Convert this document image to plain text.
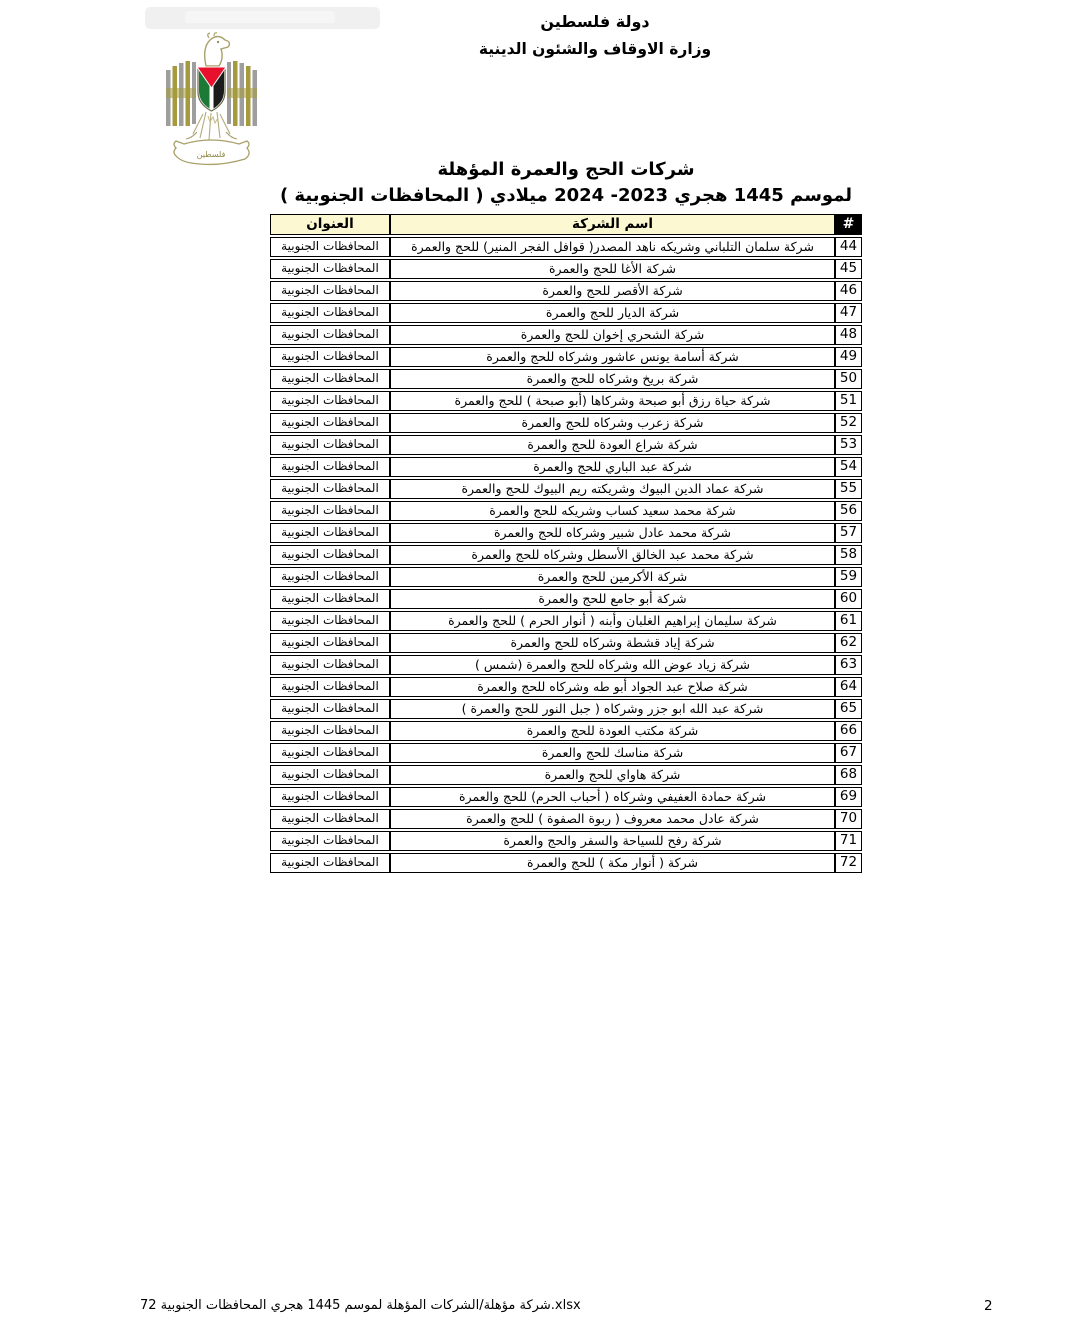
دولة فلسطين
وزارة الاوقاف والشئون الدينية
فلسطين
شركات الحج والعمرة المؤهلة
لموسم 1445 هجري 2023- 2024 ميلادي ( المحافظات الجنوبية )
#	اسم الشركة	العنوان
44	شركة سلمان التلباني وشريكه ناهد المصدر( قوافل الفجر المنير) للحج والعمرة	المحافظات الجنوبية
45	شركة الأغا للحج والعمرة	المحافظات الجنوبية
46	شركة الأقصر للحج والعمرة	المحافظات الجنوبية
47	شركة الديار للحج والعمرة	المحافظات الجنوبية
48	شركة الشحري إخوان للحج والعمرة	المحافظات الجنوبية
49	شركة أسامة يونس عاشور وشركاه للحج والعمرة	المحافظات الجنوبية
50	شركة بريخ وشركاه للحج والعمرة	المحافظات الجنوبية
51	شركة حياة رزق أبو صبحة وشركاها (أبو صبحة ) للحج والعمرة	المحافظات الجنوبية
52	شركة زعرب وشركاه للحج والعمرة	المحافظات الجنوبية
53	شركة شراع العودة للحج والعمرة	المحافظات الجنوبية
54	شركة عبد الباري للحج والعمرة	المحافظات الجنوبية
55	شركة عماد الدين البيوك وشريكته ريم البيوك للحج والعمرة	المحافظات الجنوبية
56	شركة محمد سعيد كساب وشريكه للحج والعمرة	المحافظات الجنوبية
57	شركة محمد عادل شبير وشركاه للحج والعمرة	المحافظات الجنوبية
58	شركة محمد عبد الخالق الأسطل وشركاه للحج والعمرة	المحافظات الجنوبية
59	شركة الأكرمين للحج والعمرة	المحافظات الجنوبية
60	شركة أبو جامع للحج والعمرة	المحافظات الجنوبية
61	شركة سليمان إبراهيم الغلبان وأبنه ( أنوار الحرم ) للحج والعمرة	المحافظات الجنوبية
62	شركة إياد قشطة وشركاه للحج والعمرة	المحافظات الجنوبية
63	شركة زياد عوض الله وشركاه للحج والعمرة (شمس )	المحافظات الجنوبية
64	شركة صلاح عبد الجواد أبو طه وشركاه للحج والعمرة	المحافظات الجنوبية
65	شركة عبد الله ابو جزر وشركاه ( جبل النور للحج والعمرة )	المحافظات الجنوبية
66	شركة مكتب العودة للحج والعمرة	المحافظات الجنوبية
67	شركة مناسك للحج والعمرة	المحافظات الجنوبية
68	شركة هاواي للحج والعمرة	المحافظات الجنوبية
69	شركة حمادة العفيفي وشركاه ( أحباب الحرم) للحج والعمرة	المحافظات الجنوبية
70	شركة عادل محمد معروف ( ربوة الصفوة ) للحج والعمرة	المحافظات الجنوبية
71	شركة رفح للسياحة والسفر والحج والعمرة	المحافظات الجنوبية
72	شركة ( أنوار مكة ) للحج والعمرة	المحافظات الجنوبية
شركة مؤهلة/الشركات المؤهلة لموسم 1445 هجري المحافظات الجنوبية 72.xlsx	2
